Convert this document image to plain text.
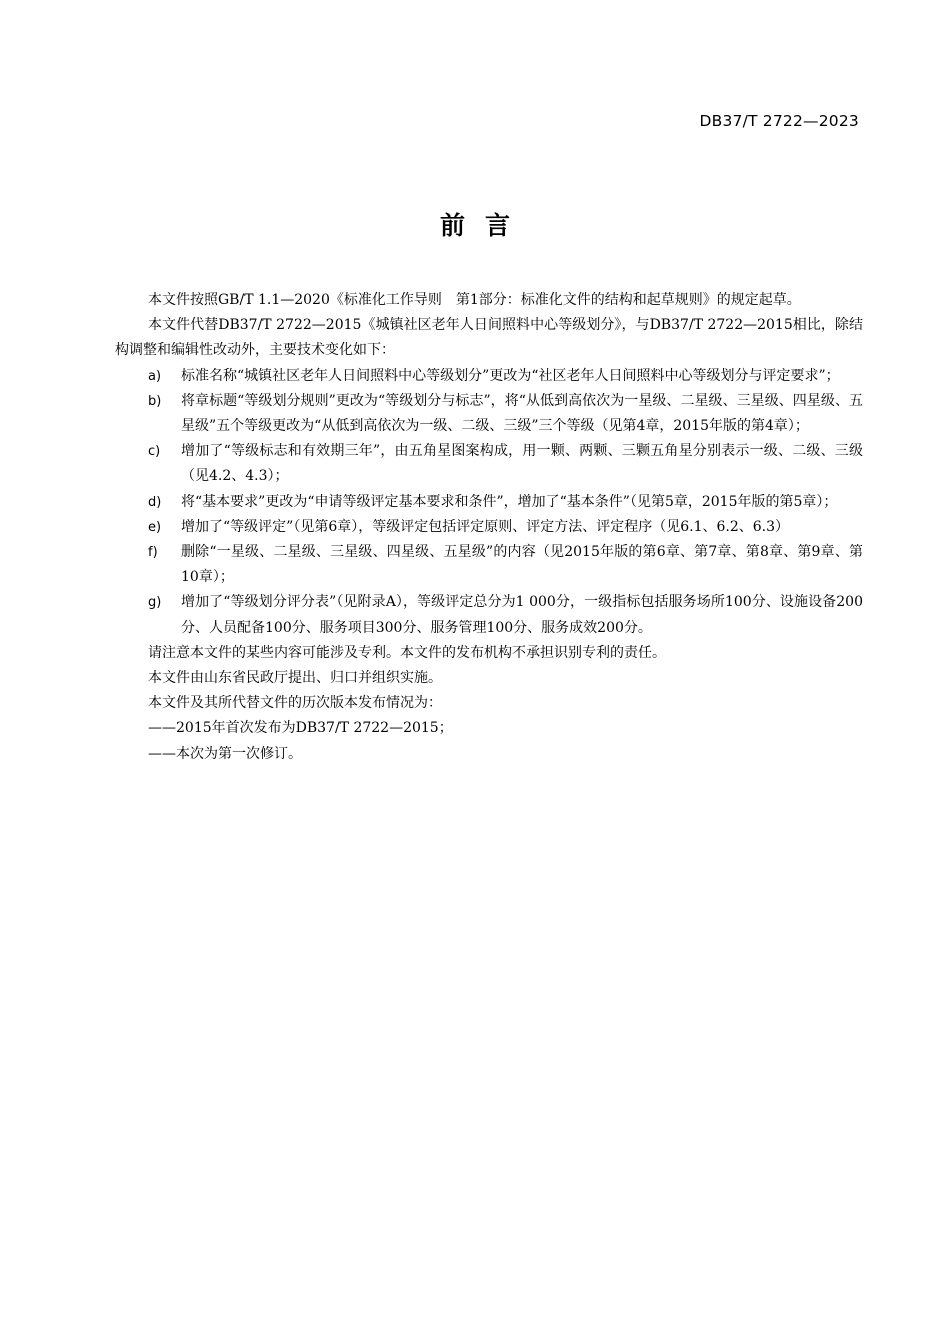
DB37/T 2722—2023
前言

本文件按照GB/T 1.1—2020《标准化工作导则　第1部分：标准化文件的结构和起草规则》的规定起草。

本文件代替DB37/T 2722—2015《城镇社区老年人日间照料中心等级划分》，与DB37/T 2722—2015相比，除结构调整和编辑性改动外，主要技术变化如下：

a)	标准名称“城镇社区老年人日间照料中心等级划分”更改为“社区老年人日间照料中心等级划分与评定要求”；
b)	将章标题“等级划分规则”更改为“等级划分与标志”，将“从低到高依次为一星级、二星级、三星级、四星级、五星级”五个等级更改为“从低到高依次为一级、二级、三级”三个等级（见第4章，2015年版的第4章）；
c)	增加了“等级标志和有效期三年”，由五角星图案构成，用一颗、两颗、三颗五角星分别表示一级、二级、三级（见4.2、4.3）；
d)	将“基本要求”更改为“申请等级评定基本要求和条件”，增加了“基本条件”（见第5章，2015年版的第5章）；
e)	增加了“等级评定”（见第6章），等级评定包括评定原则、评定方法、评定程序（见6.1、6.2、6.3）
f)	删除“一星级、二星级、三星级、四星级、五星级”的内容（见2015年版的第6章、第7章、第8章、第9章、第10章）；
g)	增加了“等级划分评分表”（见附录A），等级评定总分为1 000分，一级指标包括服务场所100分、设施设备200分、人员配备100分、服务项目300分、服务管理100分、服务成效200分。

请注意本文件的某些内容可能涉及专利。本文件的发布机构不承担识别专利的责任。

本文件由山东省民政厅提出、归口并组织实施。

本文件及其所代替文件的历次版本发布情况为：

——2015年首次发布为DB37/T 2722—2015；

——本次为第一次修订。
